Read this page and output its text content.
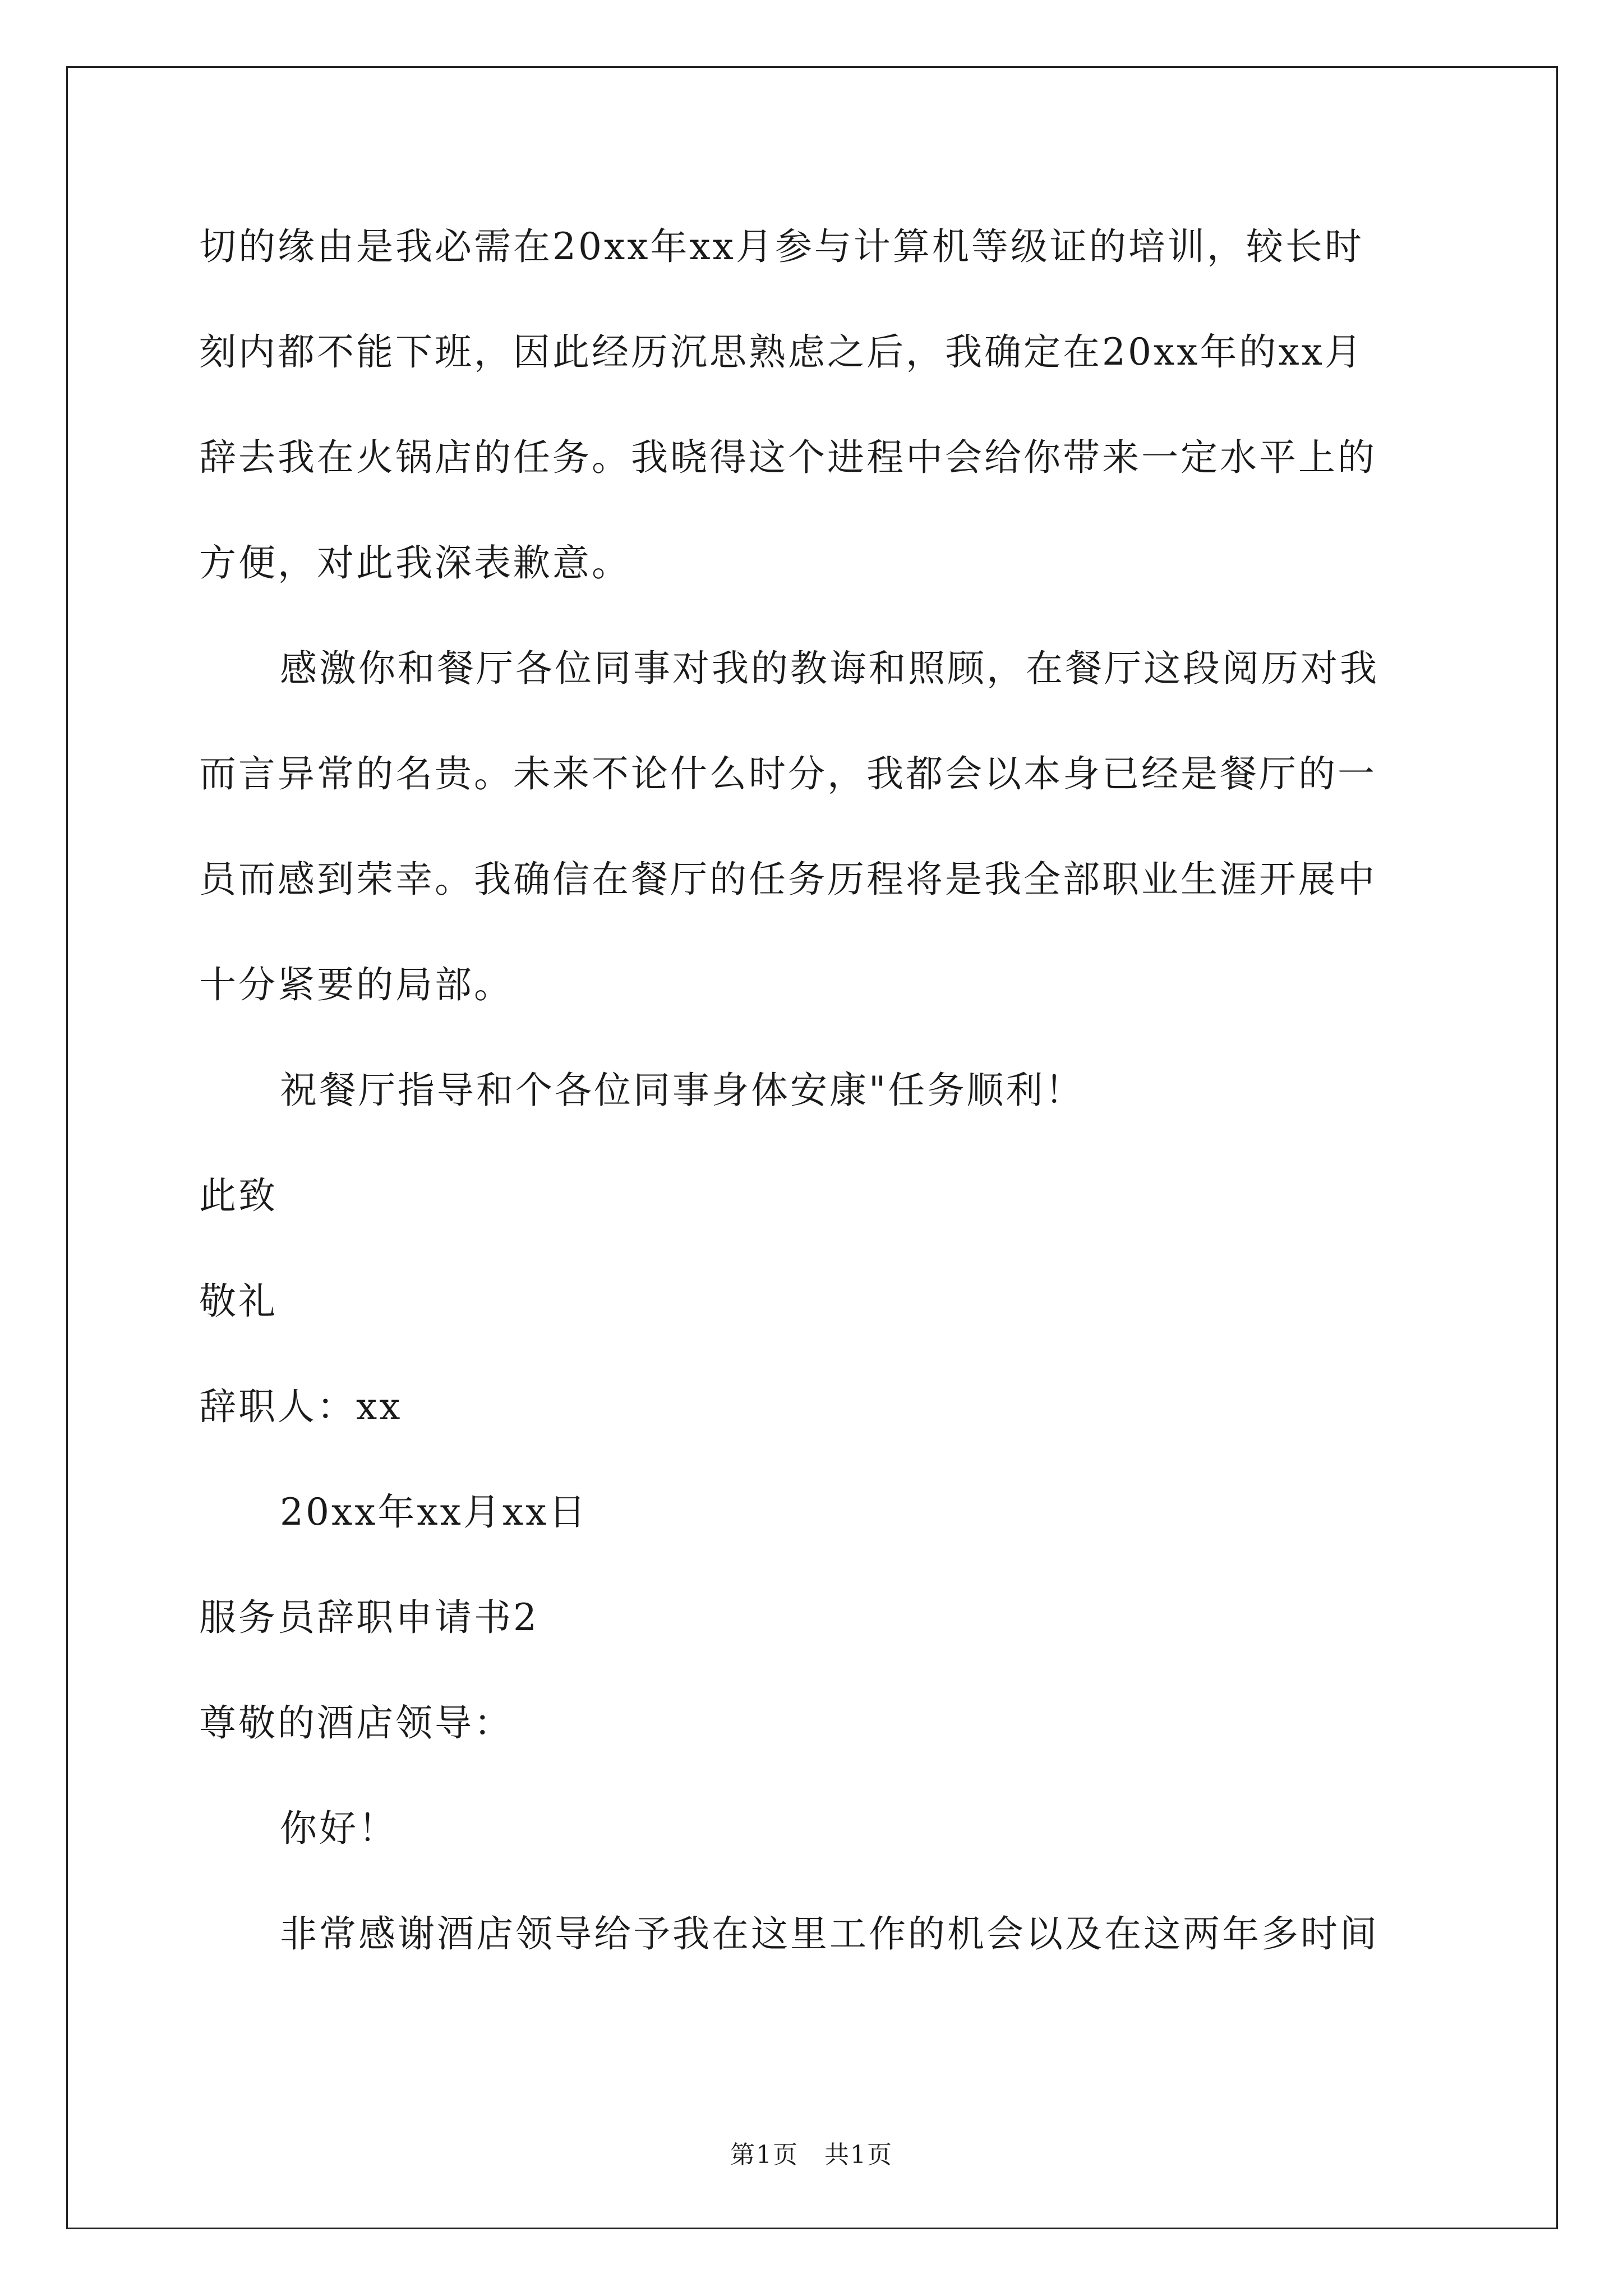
切的缘由是我必需在20xx年xx月参与计算机等级证的培训，较长时
刻内都不能下班，因此经历沉思熟虑之后，我确定在20xx年的xx月
辞去我在火锅店的任务。我晓得这个进程中会给你带来一定水平上的
方便，对此我深表歉意。
感激你和餐厅各位同事对我的教诲和照顾，在餐厅这段阅历对我
而言异常的名贵。未来不论什么时分，我都会以本身已经是餐厅的一
员而感到荣幸。我确信在餐厅的任务历程将是我全部职业生涯开展中
十分紧要的局部。
祝餐厅指导和个各位同事身体安康"任务顺利！
此致
敬礼
辞职人：xx
20xx年xx月xx日
服务员辞职申请书2
尊敬的酒店领导：
你好！
非常感谢酒店领导给予我在这里工作的机会以及在这两年多时间
第1页 共1页
